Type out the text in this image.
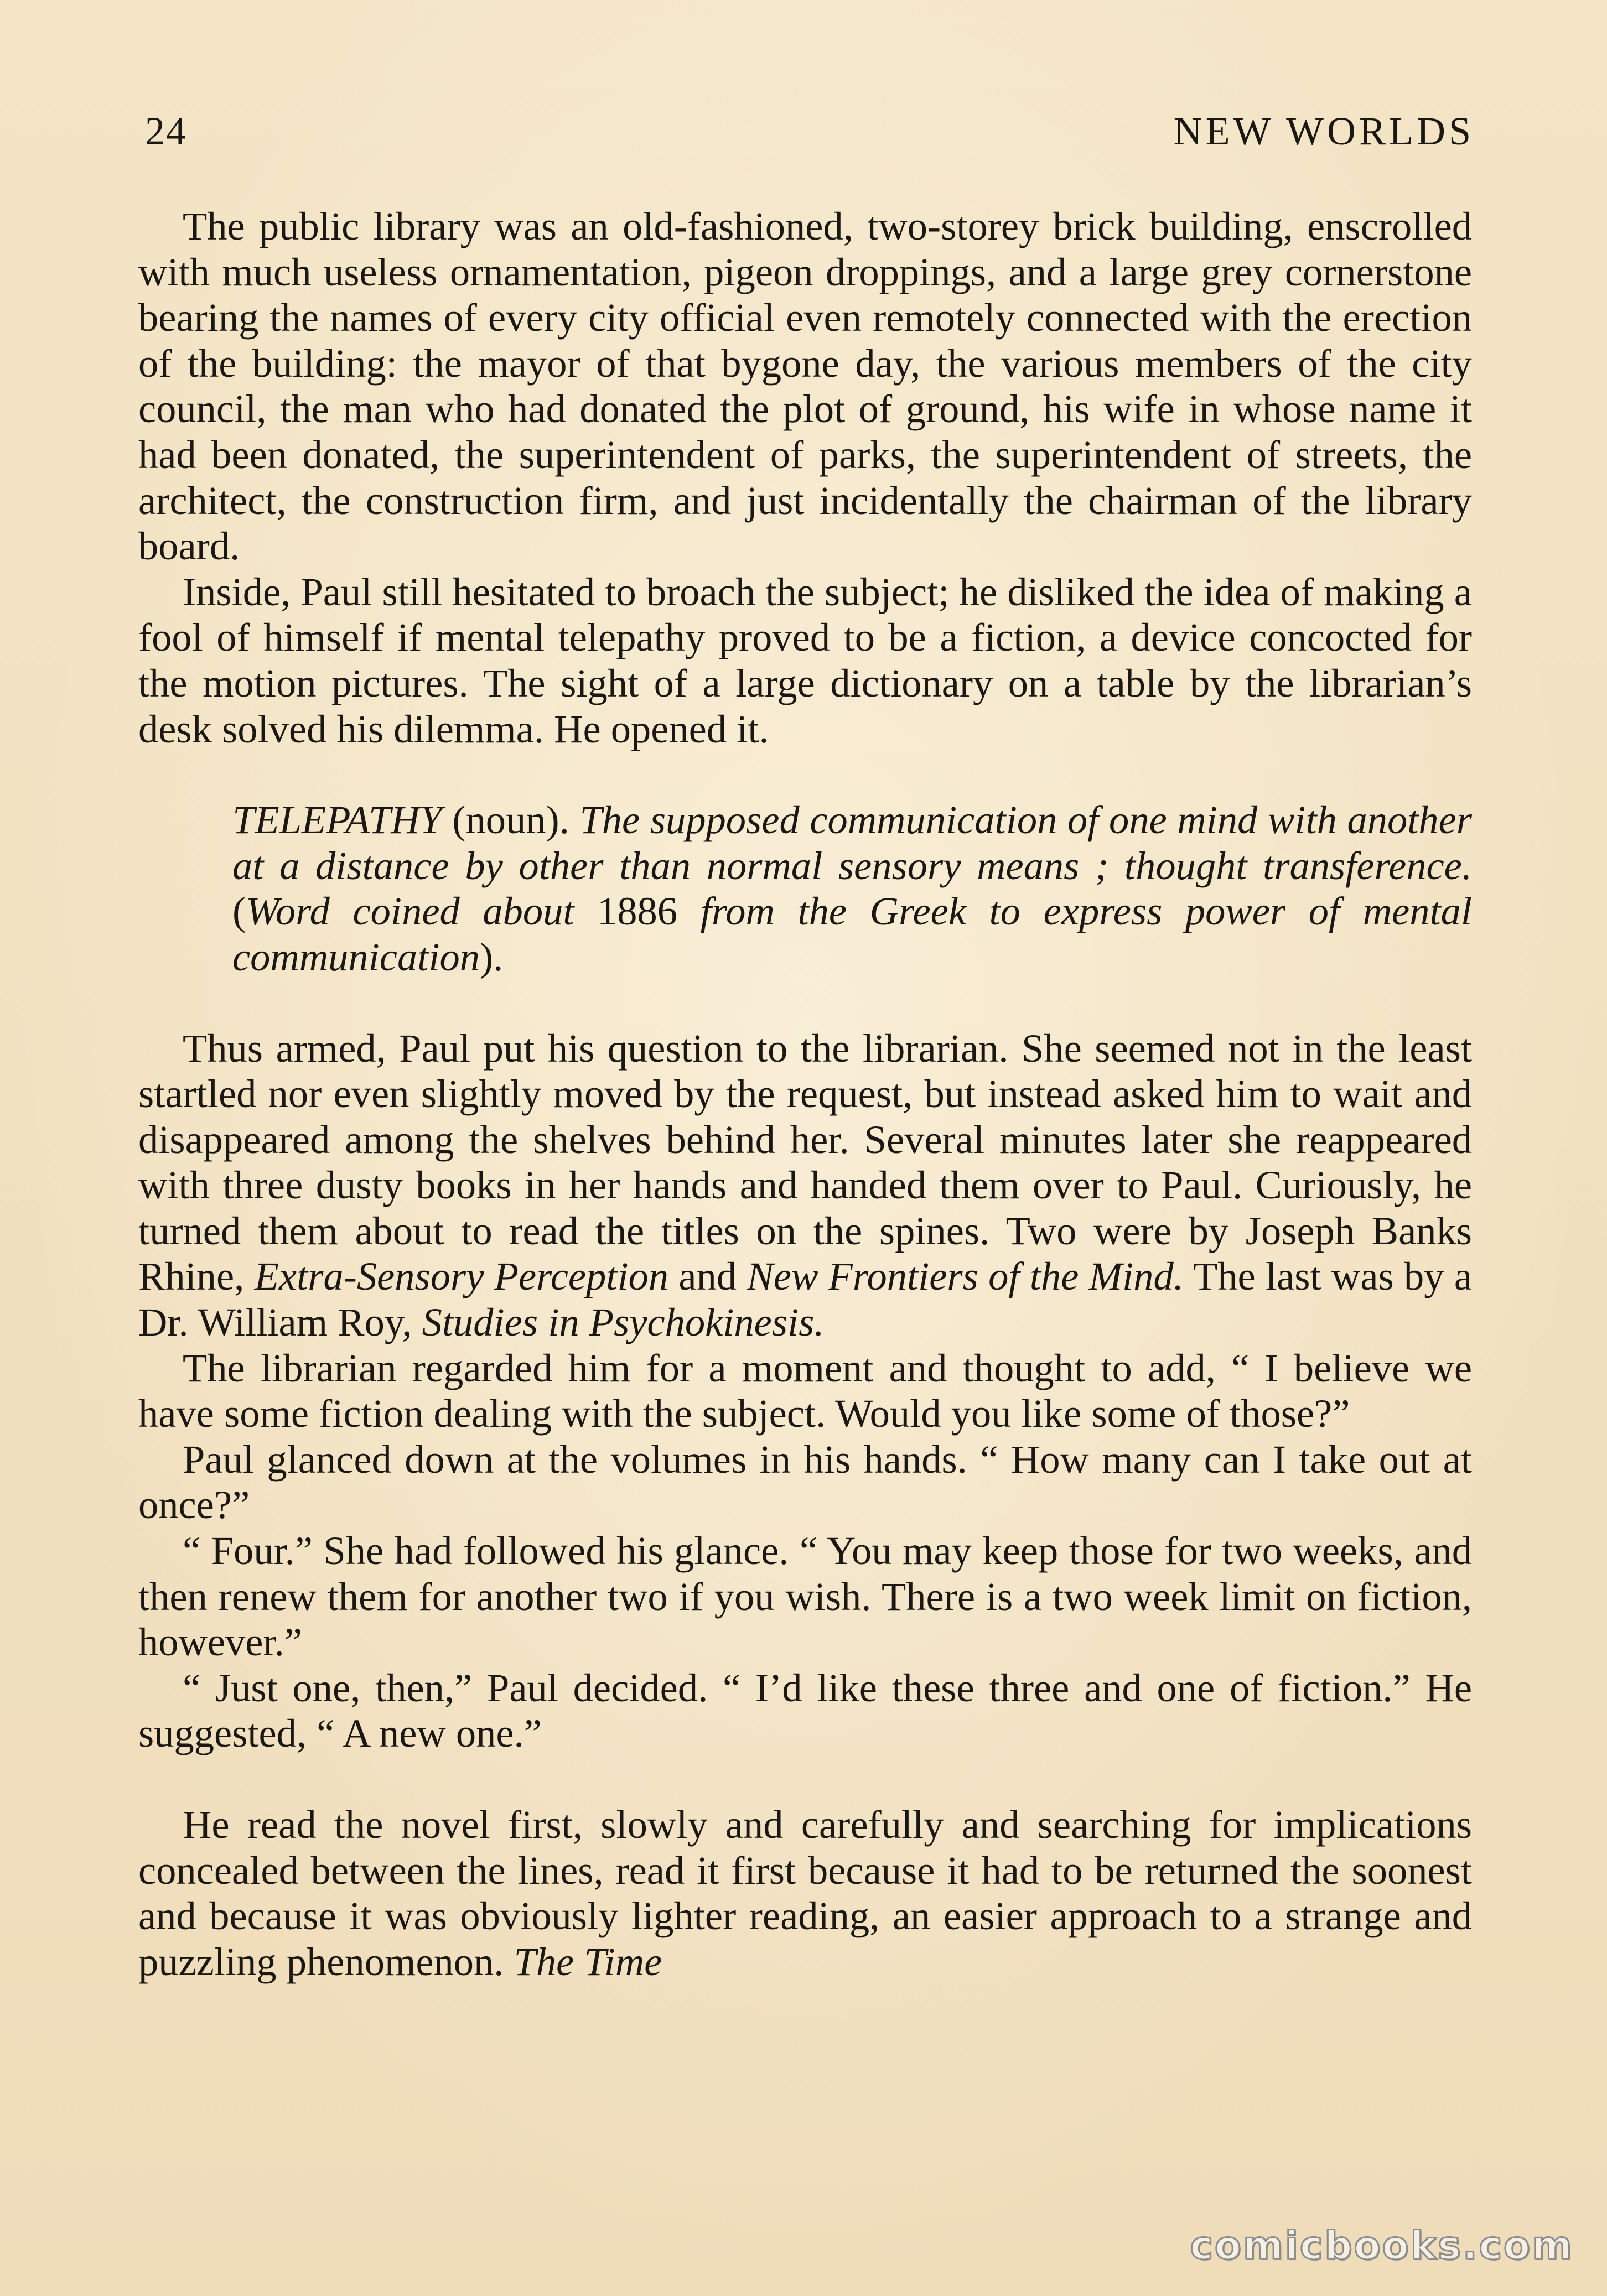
24	NEW WORLDS

The public library was an old-fashioned, two-storey brick building, enscrolled with much useless ornamentation, pigeon droppings, and a large grey cornerstone bearing the names of every city official even remotely connected with the erection of the building: the mayor of that bygone day, the various members of the city council, the man who had donated the plot of ground, his wife in whose name it had been donated, the superintendent of parks, the superintendent of streets, the architect, the construction firm, and just incidentally the chairman of the library board.

Inside, Paul still hesitated to broach the subject; he disliked the idea of making a fool of himself if mental telepathy proved to be a fiction, a device concocted for the motion pictures. The sight of a large dictionary on a table by the librarian’s desk solved his dilemma. He opened it.

TELEPATHY (noun). The supposed communication of one mind with another at a distance by other than normal sensory means ; thought transference. (Word coined about 1886 from the Greek to express power of mental communication).

Thus armed, Paul put his question to the librarian. She seemed not in the least startled nor even slightly moved by the request, but instead asked him to wait and disappeared among the shelves behind her. Several minutes later she reappeared with three dusty books in her hands and handed them over to Paul. Curiously, he turned them about to read the titles on the spines. Two were by Joseph Banks Rhine, Extra-Sensory Perception and New Frontiers of the Mind. The last was by a Dr. William Roy, Studies in Psychokinesis.

The librarian regarded him for a moment and thought to add, “ I believe we have some fiction dealing with the subject. Would you like some of those?”

Paul glanced down at the volumes in his hands. “ How many can I take out at once?”

“ Four.” She had followed his glance. “ You may keep those for two weeks, and then renew them for another two if you wish. There is a two week limit on fiction, however.”

“ Just one, then,” Paul decided. “ I’d like these three and one of fiction.” He suggested, “ A new one.”

He read the novel first, slowly and carefully and searching for implications concealed between the lines, read it first because it had to be returned the soonest and because it was obviously lighter reading, an easier approach to a strange and puzzling phenomenon. The Time

comicbooks.com
